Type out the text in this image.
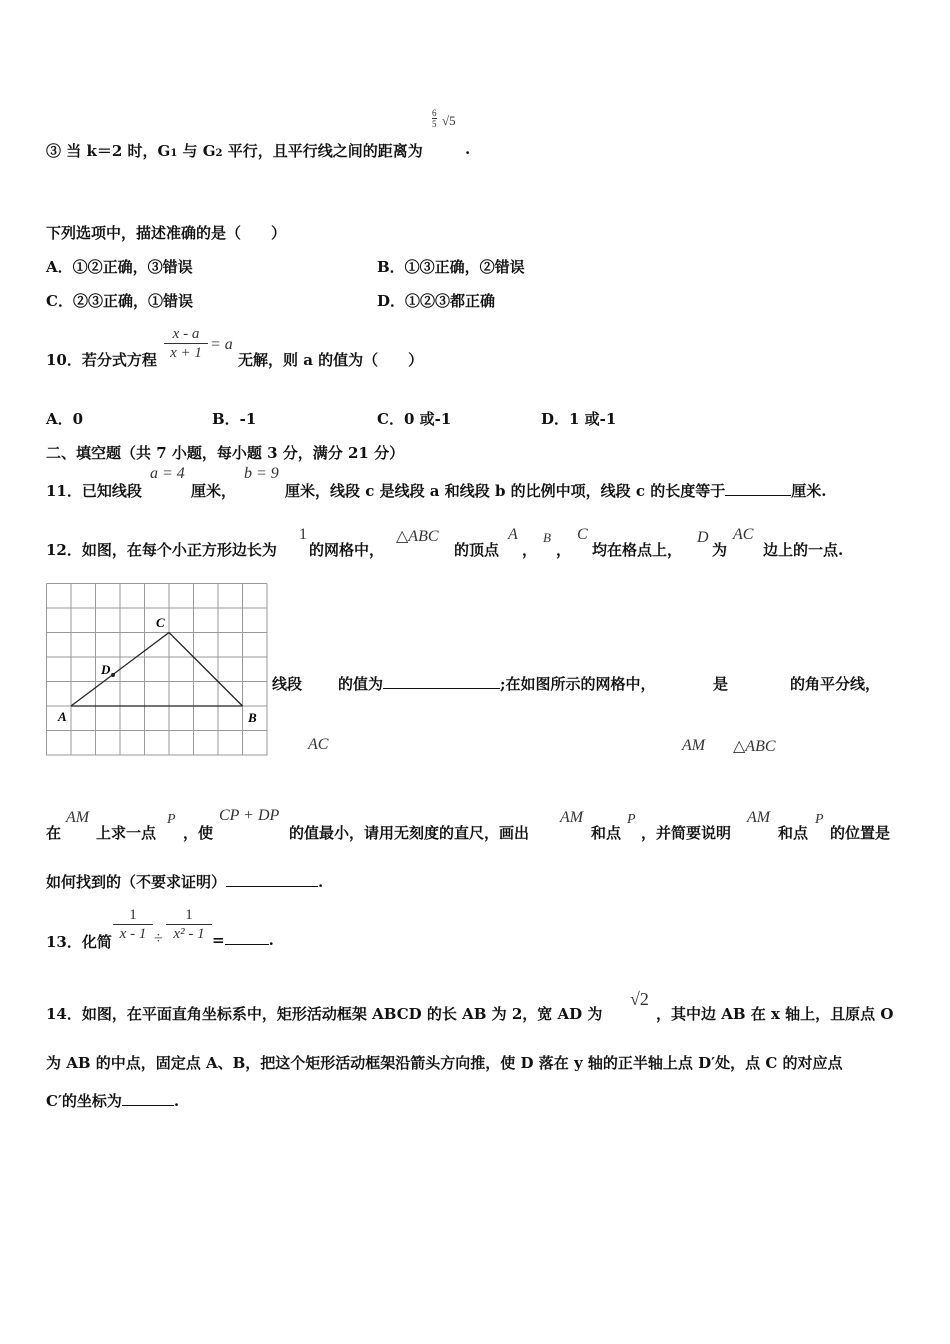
③ 当 k＝2 时，G1 与 G2 平行，且平行线之间的距离为
6
5 √5
.
下列选项中，描述准确的是（　　）
A．①②正确，③错误	B．①③正确，②错误
C．②③正确，①错误	D．①②③都正确
10．若分式方程
x - a
x + 1 = a
无解，则 a 的值为（　　）
A．0	B．-1	C．0 或-1	D．1 或-1
二、填空题（共 7 小题，每小题 3 分，满分 21 分）
11．已知线段
a = 4
厘米，
b = 9
厘米，线段 c 是线段 a 和线段 b 的比例中项，线段 c 的长度等于	厘米.
12．如图，在每个小正方形边长为
1
的网格中，
△ABC
的顶点
A
，
B
，
C
均在格点上，
D
为
AC
边上的一点.
A	B
C
D
线段 的值为	;在如图所示的网格中，	是	的角平分线，
AC	AM △ABC
在
AM
上求一点
P
，使
CP + DP
的值最小，请用无刻度的直尺，画出
AM
和点
P
，并简要说明
AM
和点
P
的位置是
如何找到的（不要求证明）	.
13．化简
1
x - 1 ÷
1
x² - 1 =	.
14．如图，在平面直角坐标系中，矩形活动框架 ABCD 的长 AB 为 2，宽 AD 为
√2
，其中边 AB 在 x 轴上，且原点 O
为 AB 的中点，固定点 A、B，把这个矩形活动框架沿箭头方向推，使 D 落在 y 轴的正半轴上点 D′处，点 C 的对应点
C′的坐标为	.
